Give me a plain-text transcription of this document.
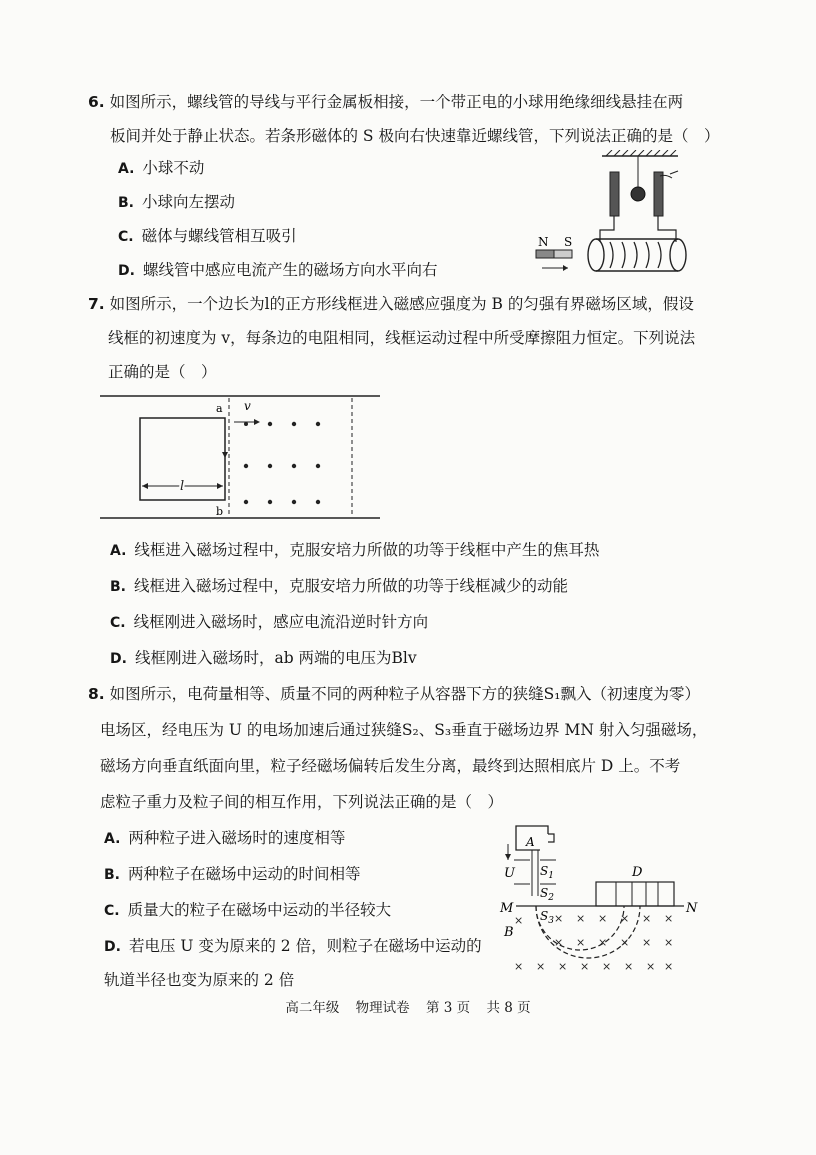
6. 如图所示，螺线管的导线与平行金属板相接，一个带正电的小球用绝缘细线悬挂在两
板间并处于静止状态。若条形磁体的 S 极向右快速靠近螺线管，下列说法正确的是（　）
A. 小球不动
B. 小球向左摆动
C. 磁体与螺线管相互吸引
D. 螺线管中感应电流产生的磁场方向水平向右
N S
7. 如图所示，一个边长为l的正方形线框进入磁感应强度为 B 的匀强有界磁场区域，假设
线框的初速度为 v，每条边的电阻相同，线框运动过程中所受摩擦阻力恒定。下列说法
正确的是（　）
a
b
v
l
A. 线框进入磁场过程中，克服安培力所做的功等于线框中产生的焦耳热
B. 线框进入磁场过程中，克服安培力所做的功等于线框减少的动能
C. 线框刚进入磁场时，感应电流沿逆时针方向
D. 线框刚进入磁场时，ab 两端的电压为Blv
8. 如图所示，电荷量相等、质量不同的两种粒子从容器下方的狭缝S₁飘入（初速度为零）
电场区，经电压为 U 的电场加速后通过狭缝S₂、S₃垂直于磁场边界 MN 射入匀强磁场，
磁场方向垂直纸面向里，粒子经磁场偏转后发生分离，最终到达照相底片 D 上。不考
虑粒子重力及粒子间的相互作用，下列说法正确的是（　）
A. 两种粒子进入磁场时的速度相等
B. 两种粒子在磁场中运动的时间相等
C. 质量大的粒子在磁场中运动的半径较大
D. 若电压 U 变为原来的 2 倍，则粒子在磁场中运动的
轨道半径也变为原来的 2 倍
A
U $S_1$
$S_2$
$S_3$
M	N
D
B
×	× × × × × ×
× × × × × ×
× × × × × × × ×
高二年级 物理试卷 第 3 页 共 8 页
